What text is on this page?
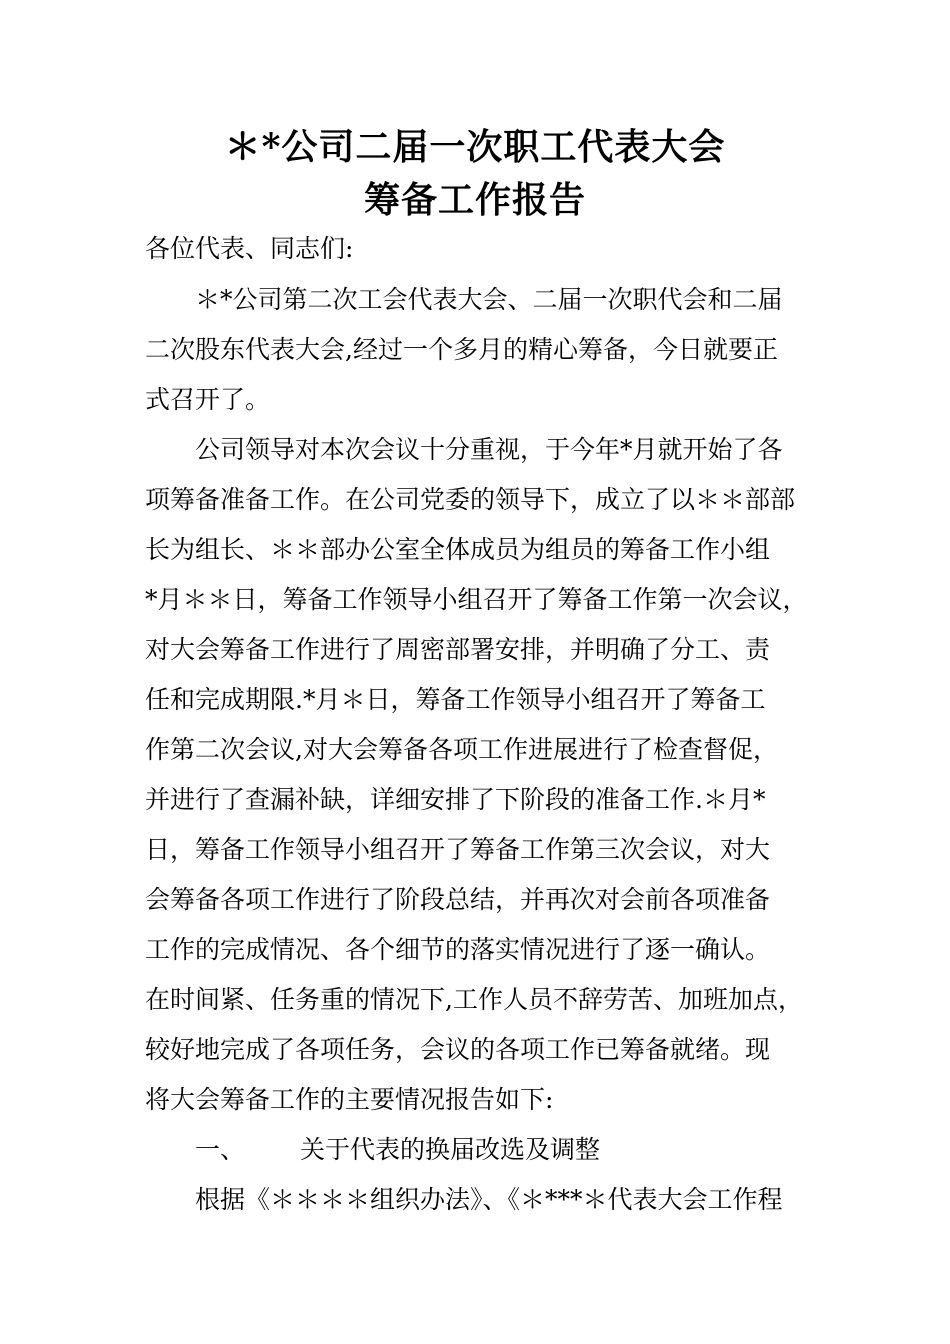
＊*公司二届一次职工代表大会
筹备工作报告
各位代表、同志们:
＊*公司第二次工会代表大会、二届一次职代会和二届
二次股东代表大会,经过一个多月的精心筹备，今日就要正
式召开了。
公司领导对本次会议十分重视，于今年*月就开始了各
项筹备准备工作。在公司党委的领导下，成立了以＊＊部部
长为组长、＊＊部办公室全体成员为组员的筹备工作小组
*月＊＊日，筹备工作领导小组召开了筹备工作第一次会议，
对大会筹备工作进行了周密部署安排，并明确了分工、责
任和完成期限.*月＊日，筹备工作领导小组召开了筹备工
作第二次会议,对大会筹备各项工作进展进行了检查督促，
并进行了查漏补缺，详细安排了下阶段的准备工作.＊月*
日，筹备工作领导小组召开了筹备工作第三次会议，对大
会筹备各项工作进行了阶段总结，并再次对会前各项准备
工作的完成情况、各个细节的落实情况进行了逐一确认。
在时间紧、任务重的情况下,工作人员不辞劳苦、加班加点，
较好地完成了各项任务，会议的各项工作已筹备就绪。现
将大会筹备工作的主要情况报告如下:
一、 关于代表的换届改选及调整
根据《＊＊＊＊组织办法》、《＊***＊代表大会工作程
